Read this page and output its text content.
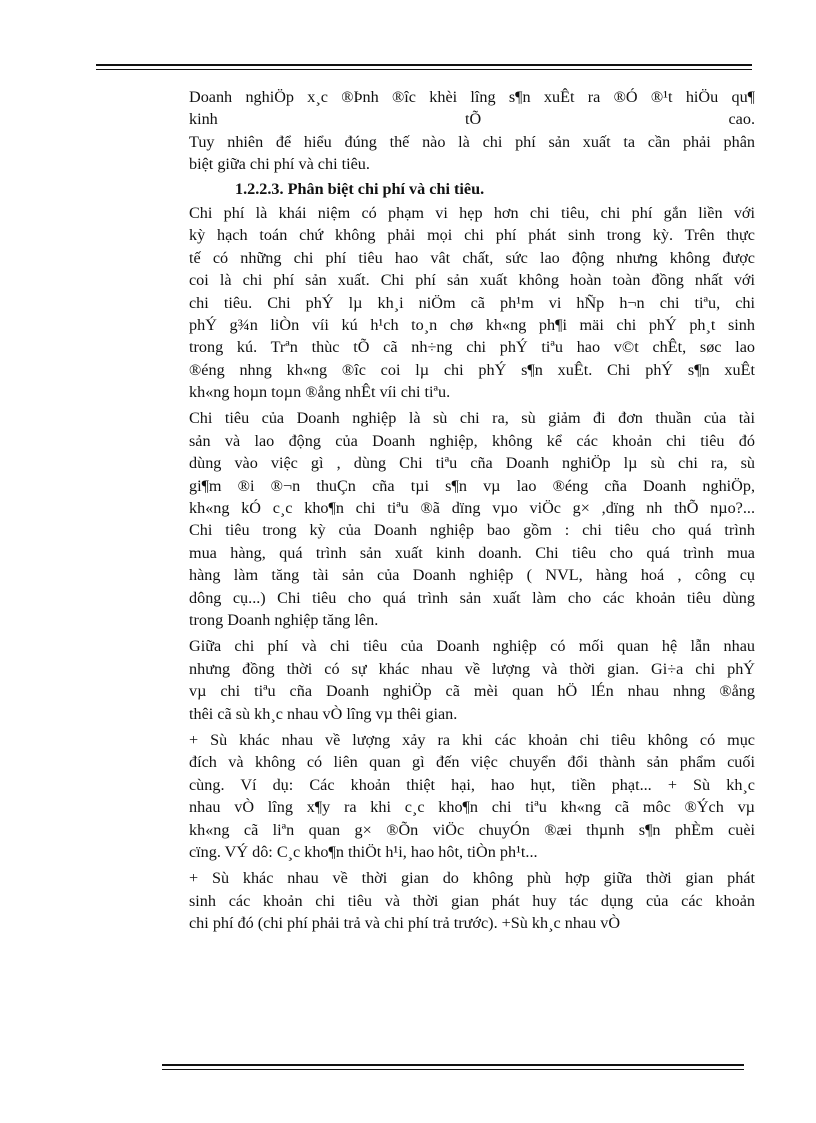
Doanh nghiÖp x¸c ®Þnh ®îc khèi lîng s¶n xuÊt ra ®Ó ®¹t hiÖu qu¶
kinh tÕ cao.
Tuy nhiên để hiểu đúng thế nào là chi phí sản xuất ta cần phải phân
biệt giữa chi phí và chi tiêu.
1.2.2.3. Phân biệt chi phí và chi tiêu.
Chi phí là khái niệm có phạm vi hẹp hơn chi tiêu, chi phí gắn liền với
kỳ hạch toán chứ không phải mọi chi phí phát sinh trong kỳ. Trên thực
tế có những chi phí tiêu hao vât chất, sức lao động nhưng không được
coi là chi phí sản xuất. Chi phí sản xuất không hoàn toàn đồng nhất với
chi tiêu. Chi phÝ lµ kh¸i niÖm cã ph¹m vi hÑp h¬n chi tiªu, chi
phÝ g¾n liÒn víi kú h¹ch to¸n chø kh«ng ph¶i mäi chi phÝ ph¸t sinh
trong kú. Trªn thùc tÕ cã nh÷ng chi phÝ tiªu hao v©t chÊt, søc lao
®éng nhng kh«ng ®îc coi lµ chi phÝ s¶n xuÊt. Chi phÝ s¶n xuÊt
kh«ng hoµn toµn ®ång nhÊt víi chi tiªu.
Chi tiêu của Doanh nghiệp là sù chi ra, sù giảm đi đơn thuần của tài
sản và lao động của Doanh nghiệp, không kể các khoản chi tiêu đó
dùng vào việc gì , dùng Chi tiªu cña Doanh nghiÖp lµ sù chi ra, sù
gi¶m ®i ®¬n thuÇn cña tµi s¶n vµ lao ®éng cña Doanh nghiÖp,
kh«ng kÓ c¸c kho¶n chi tiªu ®ã dïng vµo viÖc g× ,dïng nh thÕ nµo?...
Chi tiêu trong kỳ của Doanh nghiệp bao gồm : chi tiêu cho quá trình
mua hàng, quá trình sản xuất kinh doanh. Chi tiêu cho quá trình mua
hàng làm tăng tài sản của Doanh nghiệp ( NVL, hàng hoá , công cụ
dông cụ...) Chi tiêu cho quá trình sản xuất làm cho các khoản tiêu dùng
trong Doanh nghiệp tăng lên.
Giữa chi phí và chi tiêu của Doanh nghiệp có mối quan hệ lẫn nhau
nhưng đồng thời có sự khác nhau về lượng và thời gian. Gi÷a chi phÝ
vµ chi tiªu cña Doanh nghiÖp cã mèi quan hÖ lÉn nhau nhng ®ång
thêi cã sù kh¸c nhau vÒ lîng vµ thêi gian.
+ Sù khác nhau về lượng xảy ra khi các khoản chi tiêu không có mục
đích và không có liên quan gì đến việc chuyển đổi thành sản phẩm cuối
cùng. Ví dụ: Các khoản thiệt hại, hao hụt, tiền phạt... + Sù kh¸c
nhau vÒ lîng x¶y ra khi c¸c kho¶n chi tiªu kh«ng cã môc ®Ých vµ
kh«ng cã liªn quan g× ®Õn viÖc chuyÓn ®æi thµnh s¶n phÈm cuèi
cïng. VÝ dô: C¸c kho¶n thiÖt h¹i, hao hôt, tiÒn ph¹t...
+ Sù khác nhau về thời gian do không phù hợp giữa thời gian phát
sinh các khoản chi tiêu và thời gian phát huy tác dụng của các khoản
chi phí đó (chi phí phải trả và chi phí trả trước). +Sù kh¸c nhau vÒ
